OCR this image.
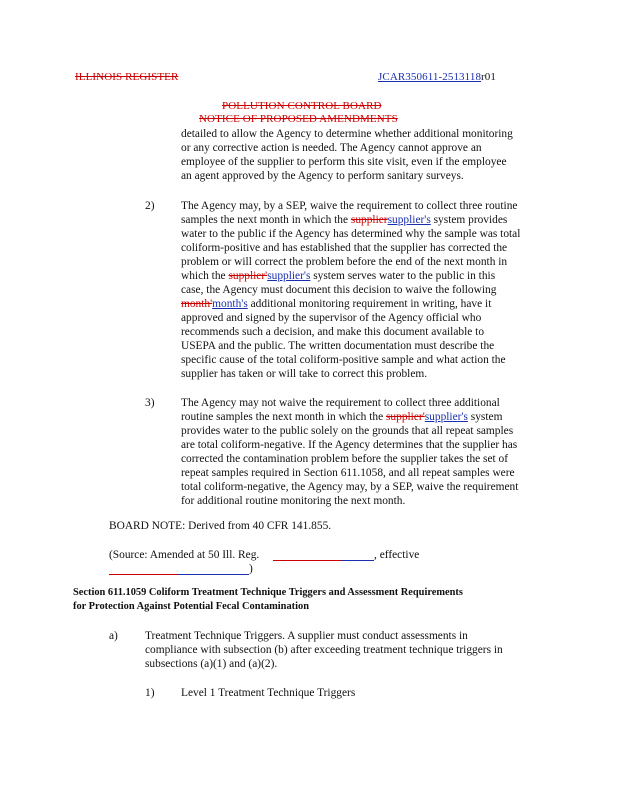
ILLINOIS REGISTER	JCAR350611-2513118r01
POLLUTION CONTROL BOARD
NOTICE OF PROPOSED AMENDMENTS
detailed to allow the Agency to determine whether additional monitoring
or any corrective action is needed. The Agency cannot approve an
employee of the supplier to perform this site visit, even if the employee
an agent approved by the Agency to perform sanitary surveys.
2) The Agency may, by a SEP, waive the requirement to collect three routine
samples the next month in which the suppliersupplier's system provides
water to the public if the Agency has determined why the sample was total
coliform-positive and has established that the supplier has corrected the
problem or will correct the problem before the end of the next month in
which the supplier'supplier's system serves water to the public in this
case, the Agency must document this decision to waive the following
month'month's additional monitoring requirement in writing, have it
approved and signed by the supervisor of the Agency official who
recommends such a decision, and make this document available to
USEPA and the public. The written documentation must describe the
specific cause of the total coliform-positive sample and what action the
supplier has taken or will take to correct this problem.
3) The Agency may not waive the requirement to collect three additional
routine samples the next month in which the supplier'supplier's system
provides water to the public solely on the grounds that all repeat samples
are total coliform-negative. If the Agency determines that the supplier has
corrected the contamination problem before the supplier takes the set of
repeat samples required in Section 611.1058, and all repeat samples were
total coliform-negative, the Agency may, by a SEP, waive the requirement
for additional routine monitoring the next month.
BOARD NOTE: Derived from 40 CFR 141.855.
(Source: Amended at 50 Ill. Reg.	, effective
)
Section 611.1059 Coliform Treatment Technique Triggers and Assessment Requirements
for Protection Against Potential Fecal Contamination
a) Treatment Technique Triggers. A supplier must conduct assessments in
compliance with subsection (b) after exceeding treatment technique triggers in
subsections (a)(1) and (a)(2).
1) Level 1 Treatment Technique Triggers
